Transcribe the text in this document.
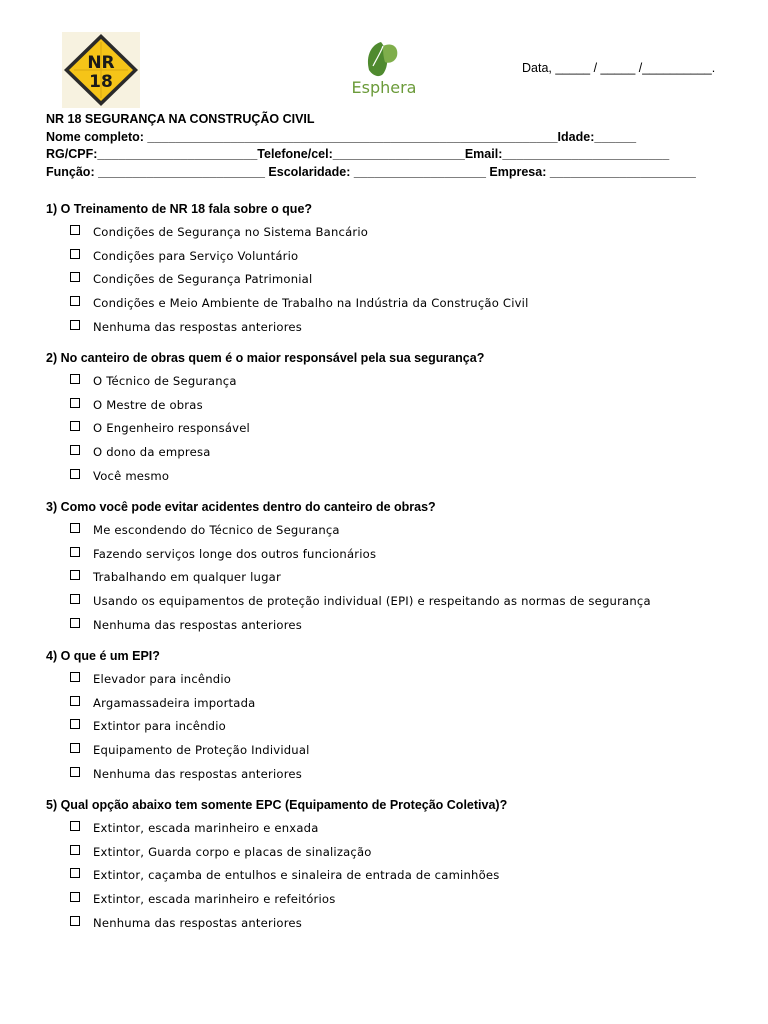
NR
18	Esphera
Data, _____ / _____ /__________.
NR 18 SEGURANÇA NA CONSTRUÇÃO CIVIL
Nome completo: ___________________________________________________________Idade:______
RG/CPF:_______________________Telefone/cel:___________________Email:________________________
Função: ________________________ Escolaridade: ___________________ Empresa: _____________________
1) O Treinamento de NR 18 fala sobre o que?
Condições de Segurança no Sistema Bancário
Condições para Serviço Voluntário
Condições de Segurança Patrimonial
Condições e Meio Ambiente de Trabalho na Indústria da Construção Civil
Nenhuma das respostas anteriores
2) No canteiro de obras quem é o maior responsável pela sua segurança?
O Técnico de Segurança
O Mestre de obras
O Engenheiro responsável
O dono da empresa
Você mesmo
3) Como você pode evitar acidentes dentro do canteiro de obras?
Me escondendo do Técnico de Segurança
Fazendo serviços longe dos outros funcionários
Trabalhando em qualquer lugar
Usando os equipamentos de proteção individual (EPI) e respeitando as normas de segurança
Nenhuma das respostas anteriores
4) O que é um EPI?
Elevador para incêndio
Argamassadeira importada
Extintor para incêndio
Equipamento de Proteção Individual
Nenhuma das respostas anteriores
5) Qual opção abaixo tem somente EPC (Equipamento de Proteção Coletiva)?
Extintor, escada marinheiro e enxada
Extintor, Guarda corpo e placas de sinalização
Extintor, caçamba de entulhos e sinaleira de entrada de caminhões
Extintor, escada marinheiro e refeitórios
Nenhuma das respostas anteriores
